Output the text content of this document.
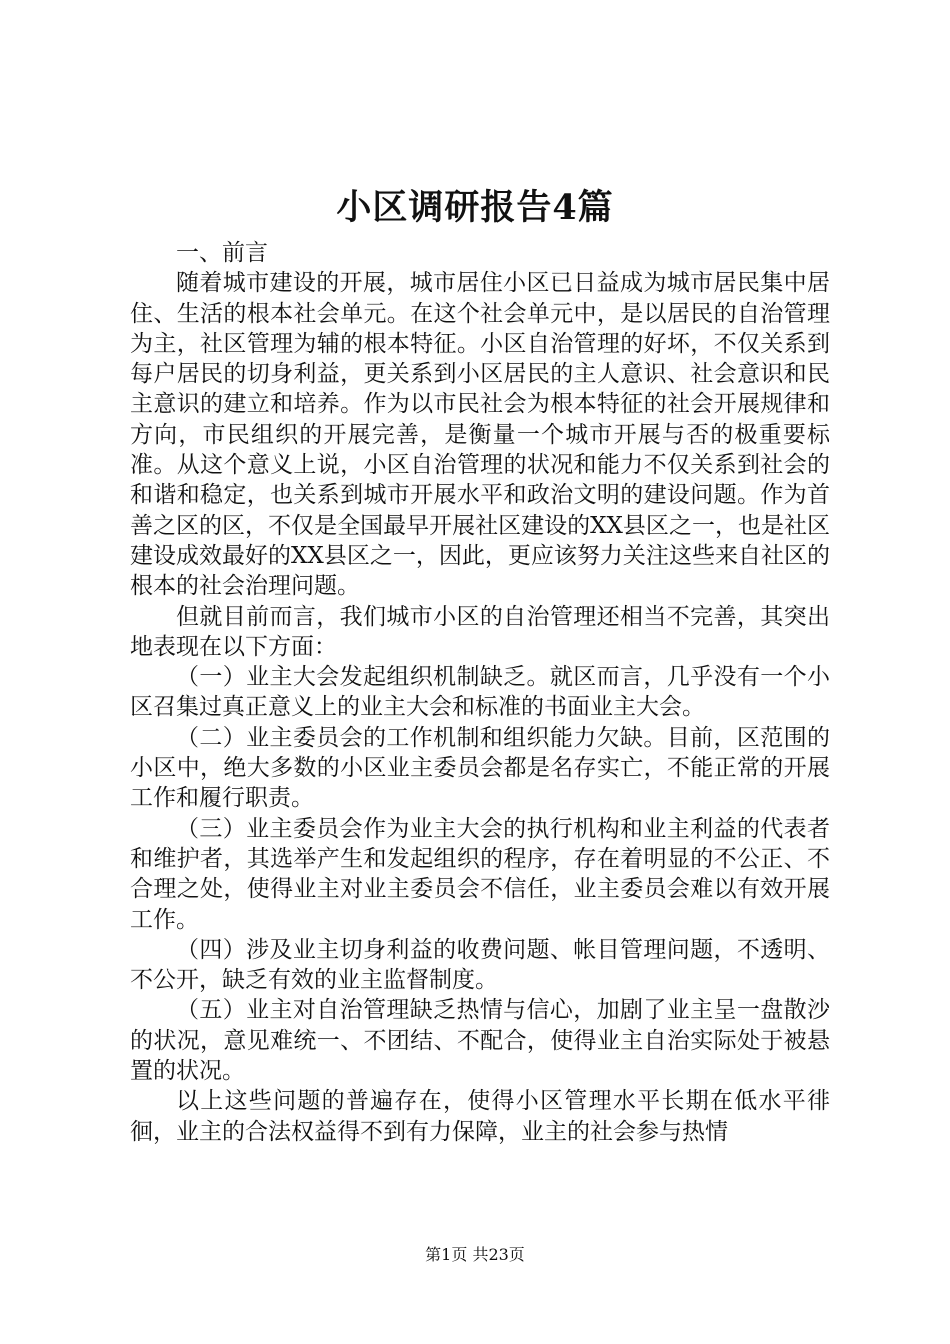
小区调研报告4篇

一、前言

随着城市建设的开展，城市居住小区已日益成为城市居民集中居住、生活的根本社会单元。在这个社会单元中，是以居民的自治管理为主，社区管理为辅的根本特征。小区自治管理的好坏，不仅关系到每户居民的切身利益，更关系到小区居民的主人意识、社会意识和民主意识的建立和培养。作为以市民社会为根本特征的社会开展规律和方向，市民组织的开展完善，是衡量一个城市开展与否的极重要标准。从这个意义上说，小区自治管理的状况和能力不仅关系到社会的和谐和稳定，也关系到城市开展水平和政治文明的建设问题。作为首善之区的区，不仅是全国最早开展社区建设的XX县区之一，也是社区建设成效最好的XX县区之一，因此，更应该努力关注这些来自社区的根本的社会治理问题。

但就目前而言，我们城市小区的自治管理还相当不完善，其突出地表现在以下方面：

（一）业主大会发起组织机制缺乏。就区而言，几乎没有一个小区召集过真正意义上的业主大会和标准的书面业主大会。

（二）业主委员会的工作机制和组织能力欠缺。目前，区范围的小区中，绝大多数的小区业主委员会都是名存实亡，不能正常的开展工作和履行职责。

（三）业主委员会作为业主大会的执行机构和业主利益的代表者和维护者，其选举产生和发起组织的程序，存在着明显的不公正、不合理之处，使得业主对业主委员会不信任，业主委员会难以有效开展工作。

（四）涉及业主切身利益的收费问题、帐目管理问题，不透明、不公开，缺乏有效的业主监督制度。

（五）业主对自治管理缺乏热情与信心，加剧了业主呈一盘散沙的状况，意见难统一、不团结、不配合，使得业主自治实际处于被悬置的状况。

以上这些问题的普遍存在，使得小区管理水平长期在低水平徘徊，业主的合法权益得不到有力保障，业主的社会参与热情

第1页 共23页
